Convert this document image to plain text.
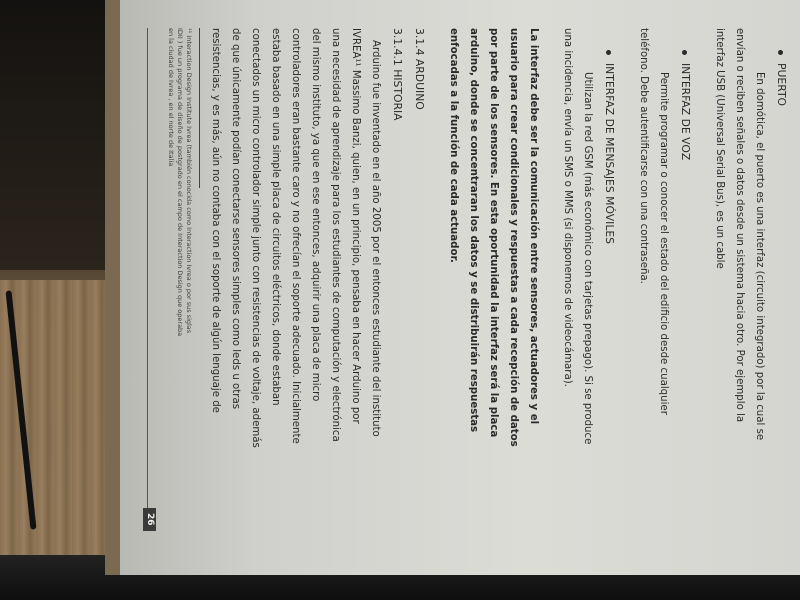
PUERTO
En domótica, el puerto es una interfaz (circuito integrado) por la cual se
envían o reciben señales o datos desde un sistema hacia otro. Por ejemplo la
interfaz USB (Universal Serial Bus), es un cable
INTERFAZ DE VOZ
Permite programar o conocer el estado del edificio desde cualquier
teléfono. Debe autentificarse con una contraseña.
INTERFAZ DE MENSAJES MÓVILES
Utilizan la red GSM (más económico con tarjetas prepago). Si se produce
una incidencia, envía un SMS o MMS (si disponemos de videocámara).
La interfaz debe ser la comunicación entre sensores, actuadores y el
usuario para crear condicionales y respuestas a cada recepción de datos
por parte de los sensores. En esta oportunidad la interfaz será la placa
arduino, donde se concentraran los datos y se distribuirán respuestas
enfocadas a la función de cada actuador.
3.1.4 ARDUINO
3.1.4.1 HISTORIA
Arduino fue inventado en el año 2005 por el entonces estudiante del instituto
IVREA¹¹ Massimo Banzi, quien, en un principio, pensaba en hacer Arduino por
una necesidad de aprendizaje para los estudiantes de computación y electrónica
del mismo instituto, ya que en ese entonces, adquirir una placa de micro
controladores eran bastante caro y no ofrecían el soporte adecuado. Inicialmente
estaba basado en una simple placa de circuitos eléctricos, donde estaban
conectados un micro controlador simple junto con resistencias de voltaje, además
de que únicamente podían conectarse sensores simples como leds u otras
resistencias, y es más, aún no contaba con el soporte de algún lenguaje de
¹¹ Interaction Design Institute Ivrea (también conocida como Interaction Ivrea o por sus siglas
IDII ) fue un programa de diseño de postgrado en el campo de Interaction Design que operaba
en la ciudad de Ivrea , en el norte de Italia
26
